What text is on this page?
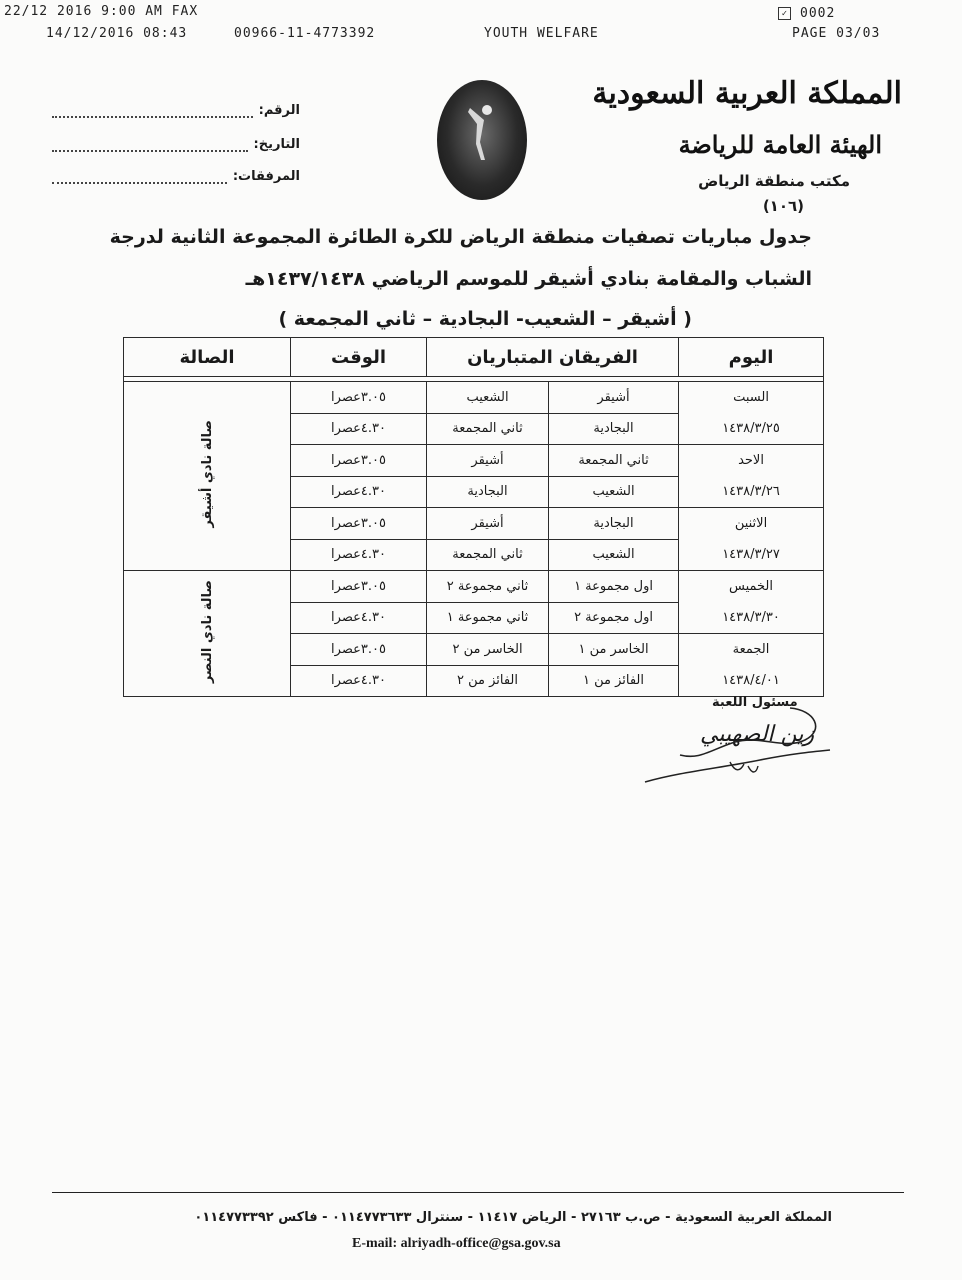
22/12 2016 9:00 AM FAX
14/12/2016 08:43	00966-11-4773392	YOUTH WELFARE
✓ 0002
PAGE 03/03
المملكة العربية السعودية
الهيئة العامة للرياضة
مكتب منطقة الرياض
(١٠٦)
الرقم:
التاريخ:
المرفقات:
جدول مباريات تصفيات منطقة الرياض للكرة الطائرة المجموعة الثانية لدرجة
الشباب والمقامة بنادي أشيقر للموسم الرياضي ١٤٣٧/١٤٣٨هـ
( أشيقر – الشعيب- البجادية – ثاني المجمعة )
اليوم	الفريقان المتباريان		الوقت	الصالة

السبت
١٤٣٨/٣/٢٥	أشيقر	الشعيب	٣.٠٥عصرا	صالة نادي أشيقر
	البجادية	ثاني المجمعة	٤.٣٠عصرا	

الاحد
١٤٣٨/٣/٢٦	ثاني المجمعة	أشيقر	٣.٠٥عصرا	
	الشعيب	البجادية	٤.٣٠عصرا	

الاثنين
١٤٣٨/٣/٢٧	البجادية	أشيقر	٣.٠٥عصرا	
	الشعيب	ثاني المجمعة	٤.٣٠عصرا	

الخميس
١٤٣٨/٣/٣٠	اول مجموعة ١	ثاني مجموعة ٢	٣.٠٥عصرا	صالة نادي النصر
	اول مجموعة ٢	ثاني مجموعة ١	٤.٣٠عصرا	

الجمعة
١٤٣٨/٤/٠١	الخاسر من ١	الخاسر من ٢	٣.٠٥عصرا	
	الفائز من ١	الفائز من ٢	٤.٣٠عصرا	
مسئول اللعبة
زين الصهيبي
المملكة العربية السعودية - ص.ب ٢٧١٦٣ - الرياض ١١٤١٧ - سنترال ٠١١٤٧٧٣٦٣٣ - فاكس ٠١١٤٧٧٣٣٩٢
E-mail: alriyadh-office@gsa.gov.sa
